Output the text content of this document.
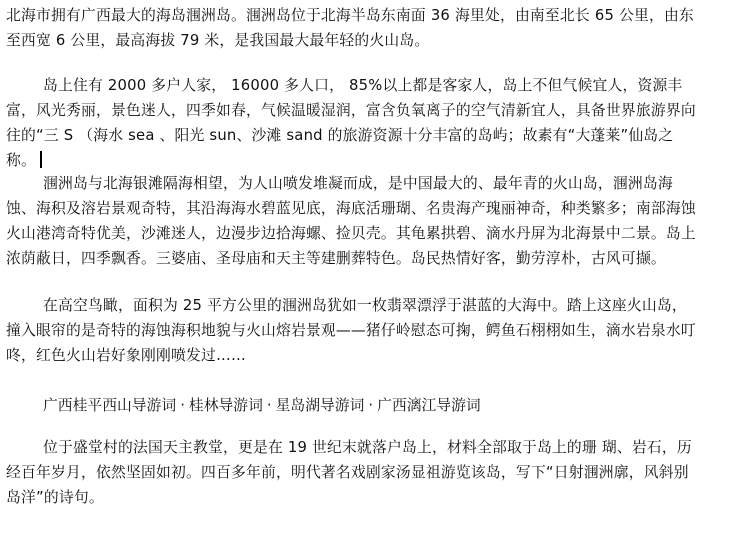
北海市拥有广西最大的海岛涠洲岛。涠洲岛位于北海半岛东南面 36 海里处，由南至北长 65 公里，由东至西宽 6 公里，最高海拔 79 米，是我国最大最年轻的火山岛。

岛上住有 2000 多户人家， 16000 多人口， 85%以上都是客家人，岛上不但气候宜人，资源丰富，风光秀丽，景色迷人，四季如春，气候温暖湿润，富含负氧离子的空气清新宜人，具备世界旅游界向往的“三 S （海水 sea 、阳光 sun、沙滩 sand 的旅游资源十分丰富的岛屿；故素有“大蓬莱”仙岛之称。

涠洲岛与北海银滩隔海相望，为人山喷发堆凝而成，是中国最大的、最年青的火山岛，涠洲岛海蚀、海积及溶岩景观奇特，其沿海海水碧蓝见底，海底活珊瑚、名贵海产瑰丽神奇，种类繁多；南部海蚀火山港湾奇特优美，沙滩迷人，边漫步边拾海螺、捡贝壳。其龟累拱碧、滴水丹屏为北海景中二景。岛上浓荫蔽日，四季飘香。三婆庙、圣母庙和天主等建删葬特色。岛民热情好客，勤劳淳朴，古风可撷。

在高空鸟瞰，面积为 25 平方公里的涠洲岛犹如一枚翡翠漂浮于湛蓝的大海中。踏上这座火山岛，撞入眼帘的是奇特的海蚀海积地貌与火山熔岩景观——猪仔岭慰态可掬，鳄鱼石栩栩如生，滴水岩泉水叮咚，红色火山岩好象刚刚喷发过……

广西桂平西山导游词 · 桂林导游词 · 星岛湖导游词 · 广西漓江导游词

位于盛堂村的法国天主教堂，更是在 19 世纪末就落户岛上，材料全部取于岛上的珊 瑚、岩石，历经百年岁月，依然坚固如初。四百多年前，明代著名戏剧家汤显祖游览该岛，写下“日射涠洲廓，风斜别岛洋”的诗句。
